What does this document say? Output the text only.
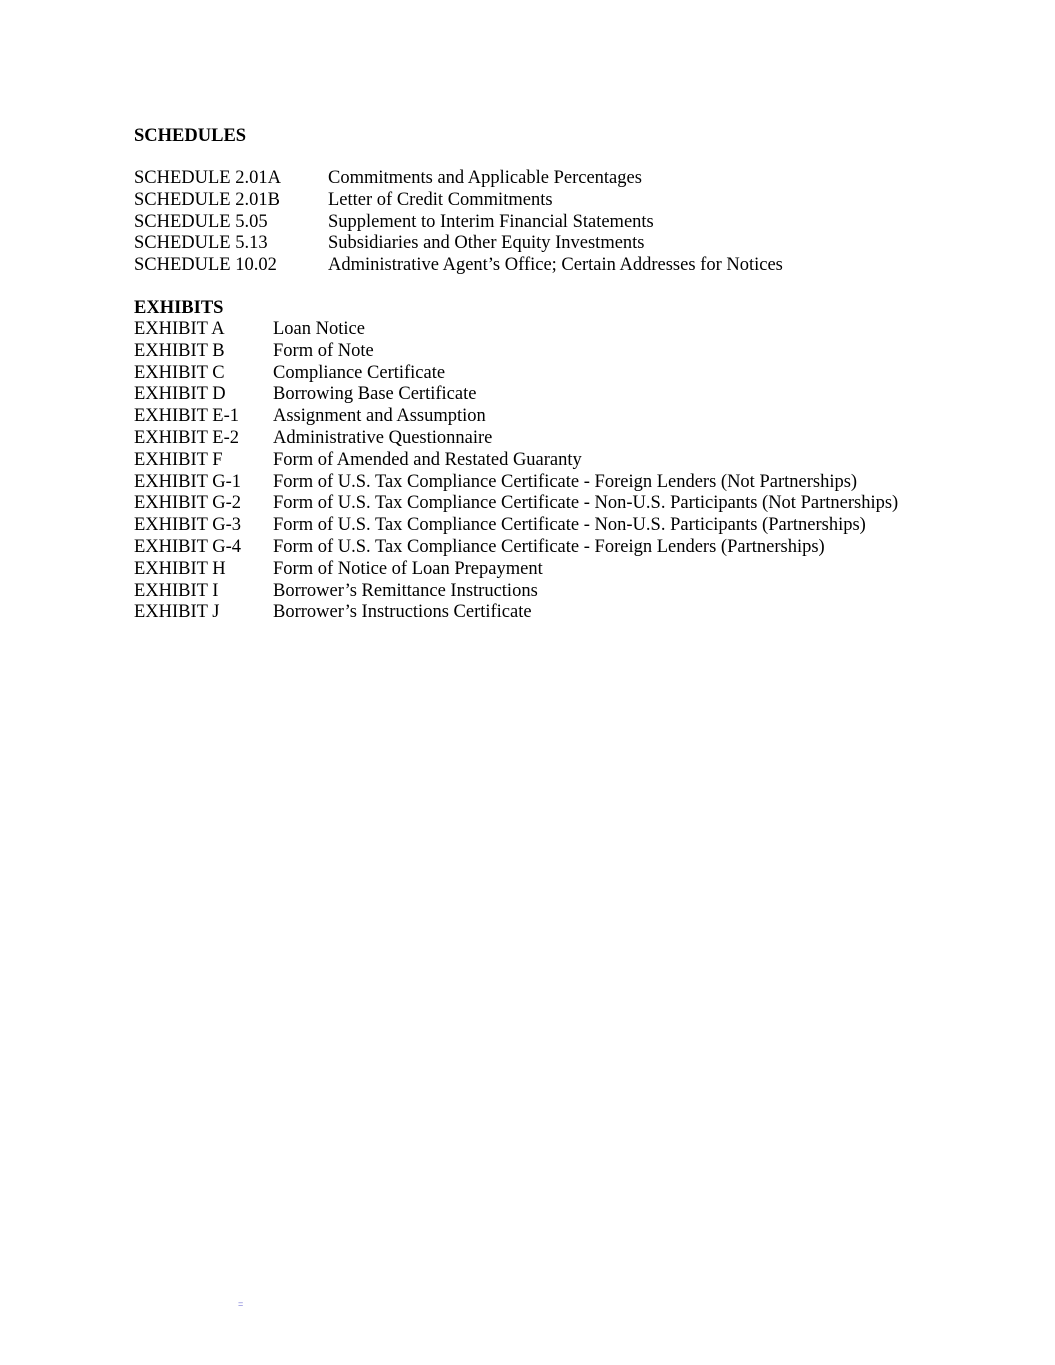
SCHEDULES
SCHEDULE 2.01A	Commitments and Applicable Percentages
SCHEDULE 2.01B	Letter of Credit Commitments
SCHEDULE 5.05	Supplement to Interim Financial Statements
SCHEDULE 5.13	Subsidiaries and Other Equity Investments
SCHEDULE 10.02	Administrative Agent’s Office; Certain Addresses for Notices
EXHIBITS
EXHIBIT A	Loan Notice
EXHIBIT B	Form of Note
EXHIBIT C	Compliance Certificate
EXHIBIT D	Borrowing Base Certificate
EXHIBIT E-1 Assignment and Assumption
EXHIBIT E-2 Administrative Questionnaire
EXHIBIT F	Form of Amended and Restated Guaranty
EXHIBIT G-1 Form of U.S. Tax Compliance Certificate - Foreign Lenders (Not Partnerships)
EXHIBIT G-2 Form of U.S. Tax Compliance Certificate - Non-U.S. Participants (Not Partnerships)
EXHIBIT G-3 Form of U.S. Tax Compliance Certificate - Non-U.S. Participants (Partnerships)
EXHIBIT G-4 Form of U.S. Tax Compliance Certificate - Foreign Lenders (Partnerships)
EXHIBIT H	Form of Notice of Loan Prepayment
EXHIBIT I	Borrower’s Remittance Instructions
EXHIBIT J	Borrower’s Instructions Certificate
=
